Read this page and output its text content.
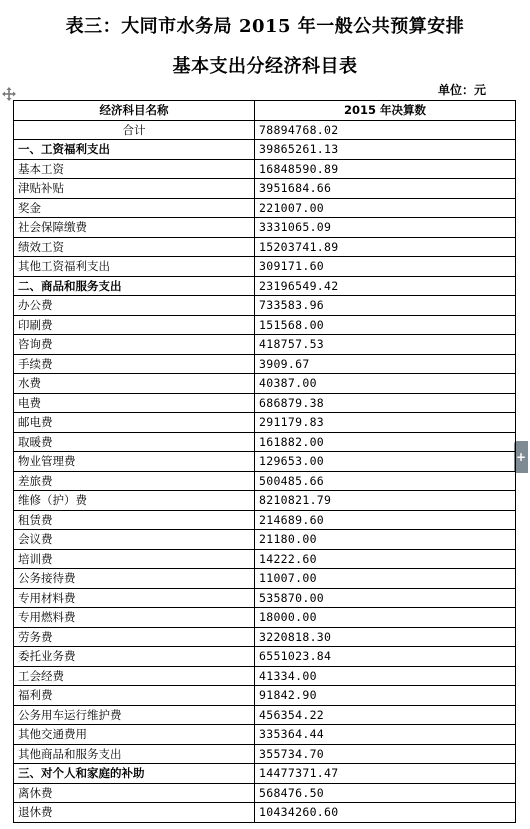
表三：大同市水务局 2015 年一般公共预算安排
基本支出分经济科目表
单位：元
+
经济科目名称	2015 年决算数
合计	78894768.02
一、工资福利支出	39865261.13
基本工资	16848590.89
津贴补贴	3951684.66
奖金	221007.00
社会保障缴费	3331065.09
绩效工资	15203741.89
其他工资福利支出	309171.60
二、商品和服务支出	23196549.42
办公费	733583.96
印刷费	151568.00
咨询费	418757.53
手续费	3909.67
水费	40387.00
电费	686879.38
邮电费	291179.83
取暖费	161882.00
物业管理费	129653.00
差旅费	500485.66
维修（护）费	8210821.79
租赁费	214689.60
会议费	21180.00
培训费	14222.60
公务接待费	11007.00
专用材料费	535870.00
专用燃料费	18000.00
劳务费	3220818.30
委托业务费	6551023.84
工会经费	41334.00
福利费	91842.90
公务用车运行维护费	456354.22
其他交通费用	335364.44
其他商品和服务支出	355734.70
三、对个人和家庭的补助	14477371.47
离休费	568476.50
退休费	10434260.60
